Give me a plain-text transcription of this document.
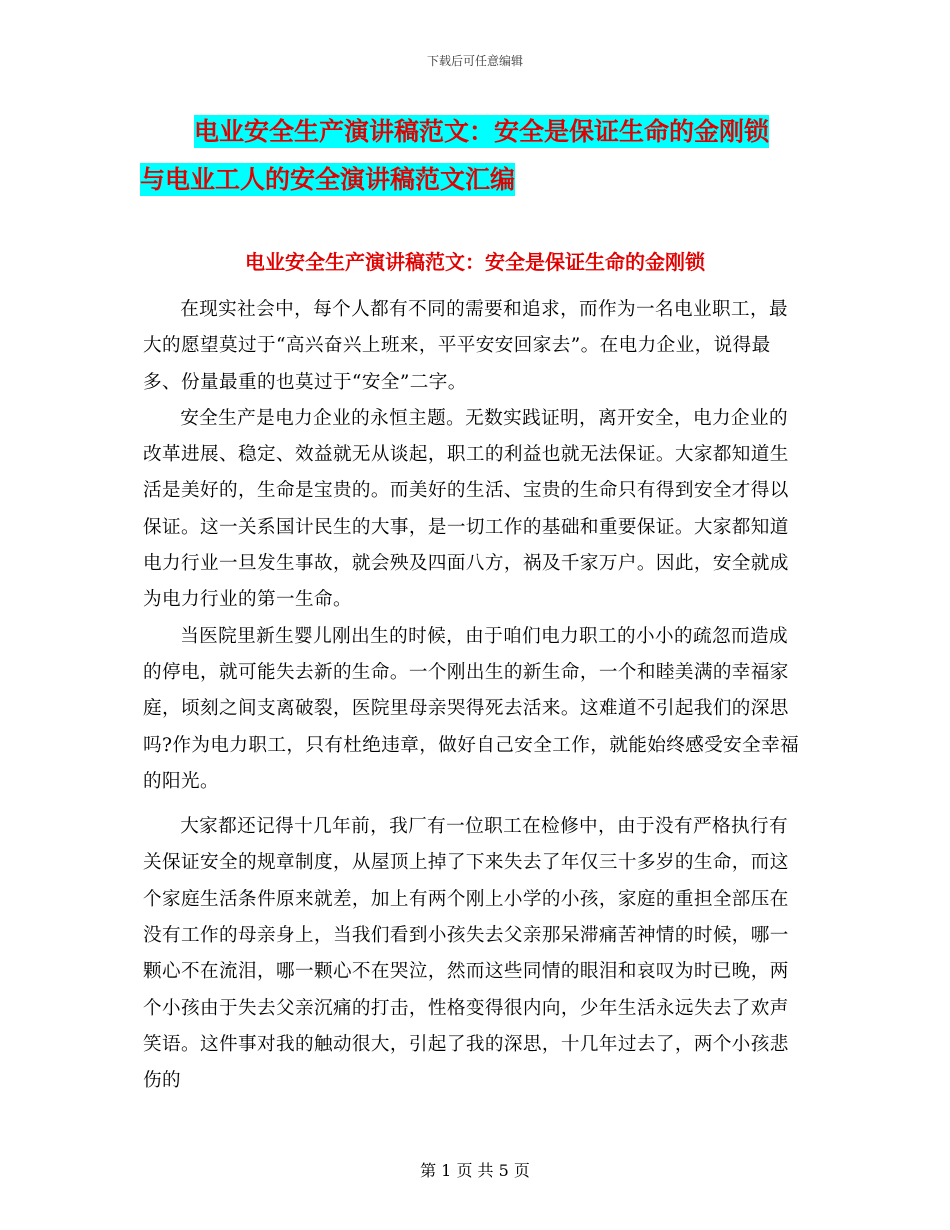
下载后可任意编辑
电业安全生产演讲稿范文：安全是保证生命的金刚锁
与电业工人的安全演讲稿范文汇编
电业安全生产演讲稿范文：安全是保证生命的金刚锁

在现实社会中，每个人都有不同的需要和追求，而作为一名电业职工，最大的愿望莫过于“高兴奋兴上班来，平平安安回家去”。在电力企业，说得最多、份量最重的也莫过于“安全”二字。

安全生产是电力企业的永恒主题。无数实践证明，离开安全，电力企业的改革进展、稳定、效益就无从谈起，职工的利益也就无法保证。大家都知道生活是美好的，生命是宝贵的。而美好的生活、宝贵的生命只有得到安全才得以保证。这一关系国计民生的大事，是一切工作的基础和重要保证。大家都知道电力行业一旦发生事故，就会殃及四面八方，祸及千家万户。因此，安全就成为电力行业的第一生命。

当医院里新生婴儿刚出生的时候，由于咱们电力职工的小小的疏忽而造成的停电，就可能失去新的生命。一个刚出生的新生命，一个和睦美满的幸福家庭，顷刻之间支离破裂，医院里母亲哭得死去活来。这难道不引起我们的深思吗?作为电力职工，只有杜绝违章，做好自己安全工作，就能始终感受安全幸福的阳光。

大家都还记得十几年前，我厂有一位职工在检修中，由于没有严格执行有关保证安全的规章制度，从屋顶上掉了下来失去了年仅三十多岁的生命，而这个家庭生活条件原来就差，加上有两个刚上小学的小孩，家庭的重担全部压在没有工作的母亲身上，当我们看到小孩失去父亲那呆滞痛苦神情的时候，哪一颗心不在流泪，哪一颗心不在哭泣，然而这些同情的眼泪和哀叹为时已晚，两个小孩由于失去父亲沉痛的打击，性格变得很内向，少年生活永远失去了欢声笑语。这件事对我的触动很大，引起了我的深思，十几年过去了，两个小孩悲伤的

第 1 页 共 5 页
